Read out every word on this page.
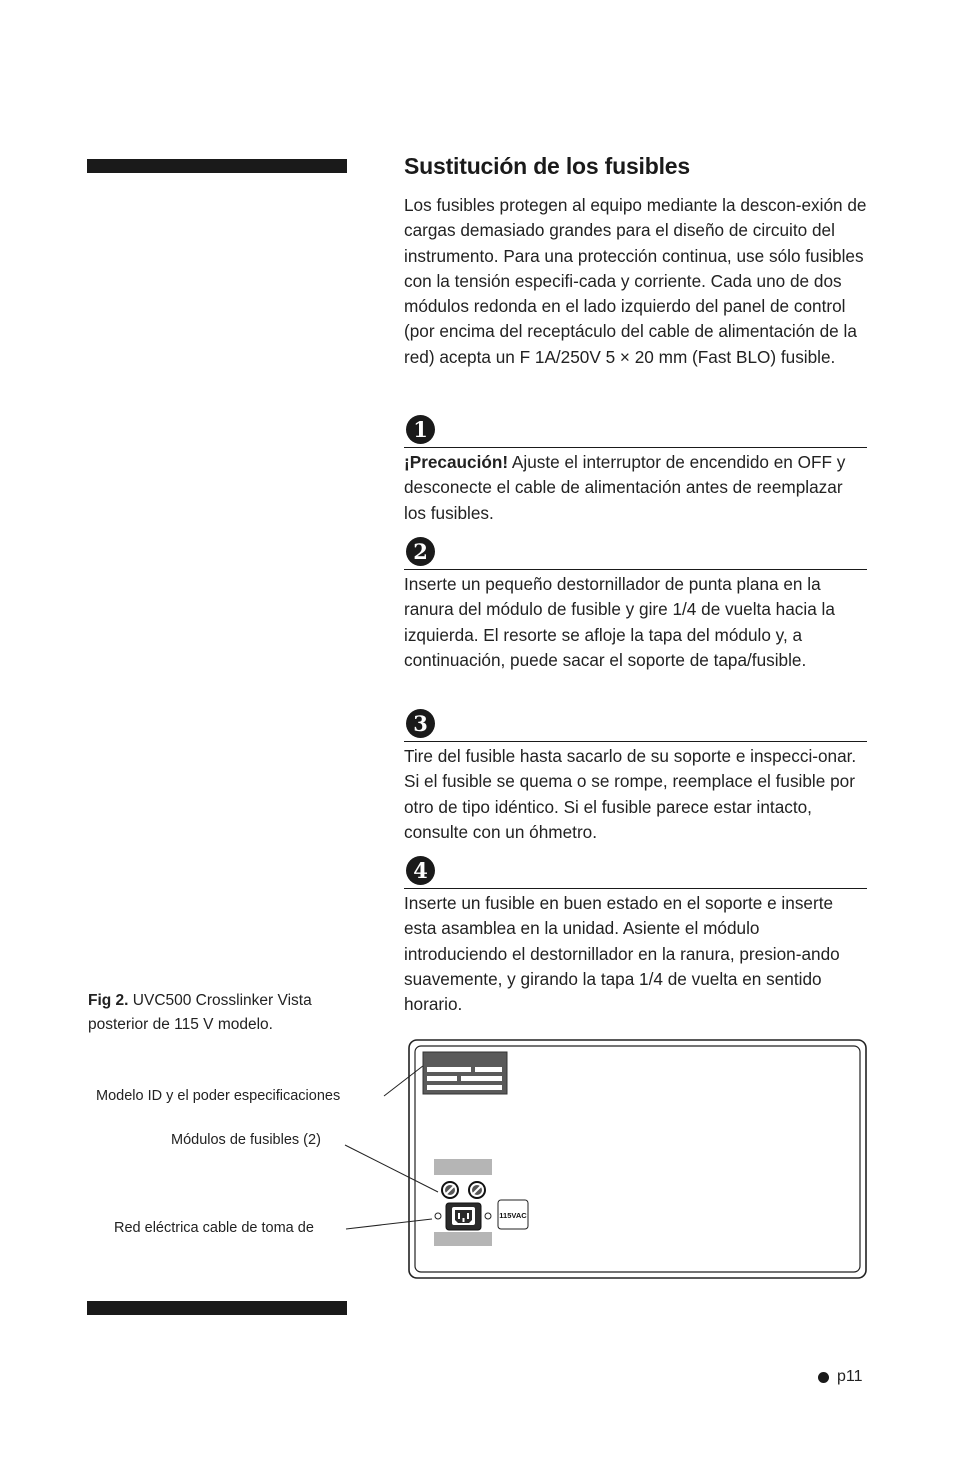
Sustitución de los fusibles

Los fusibles protegen al equipo mediante la descon-exión de cargas demasiado grandes para el diseño de circuito del instrumento. Para una protección continua, use sólo fusibles con la tensión especifi-cada y corriente. Cada uno de dos módulos redonda en el lado izquierdo del panel de control (por encima del receptáculo del cable de alimentación de la red) acepta un F 1A/250V 5 × 20 mm (Fast BLO) fusible.

1

¡Precaución! Ajuste el interruptor de encendido en OFF y desconecte el cable de alimentación antes de reemplazar los fusibles.

2

Inserte un pequeño destornillador de punta plana en la ranura del módulo de fusible y gire 1/4 de vuelta hacia la izquierda. El resorte se afloje la tapa del módulo y, a continuación, puede sacar el soporte de tapa/fusible.

3

Tire del fusible hasta sacarlo de su soporte e inspecci-onar. Si el fusible se quema o se rompe, reemplace el fusible por otro de tipo idéntico. Si el fusible parece estar intacto, consulte con un óhmetro.

4

Inserte un fusible en buen estado en el soporte e inserte esta asamblea en la unidad. Asiente el módulo introduciendo el destornillador en la ranura, presion-ando suavemente, y girando la tapa 1/4 de vuelta en sentido horario.

Fig 2. UVC500 Crosslinker Vista posterior de 115 V modelo.

Modelo ID y el poder especificaciones
Módulos de fusibles (2)
Red eléctrica cable de toma de
115VAC
p11
